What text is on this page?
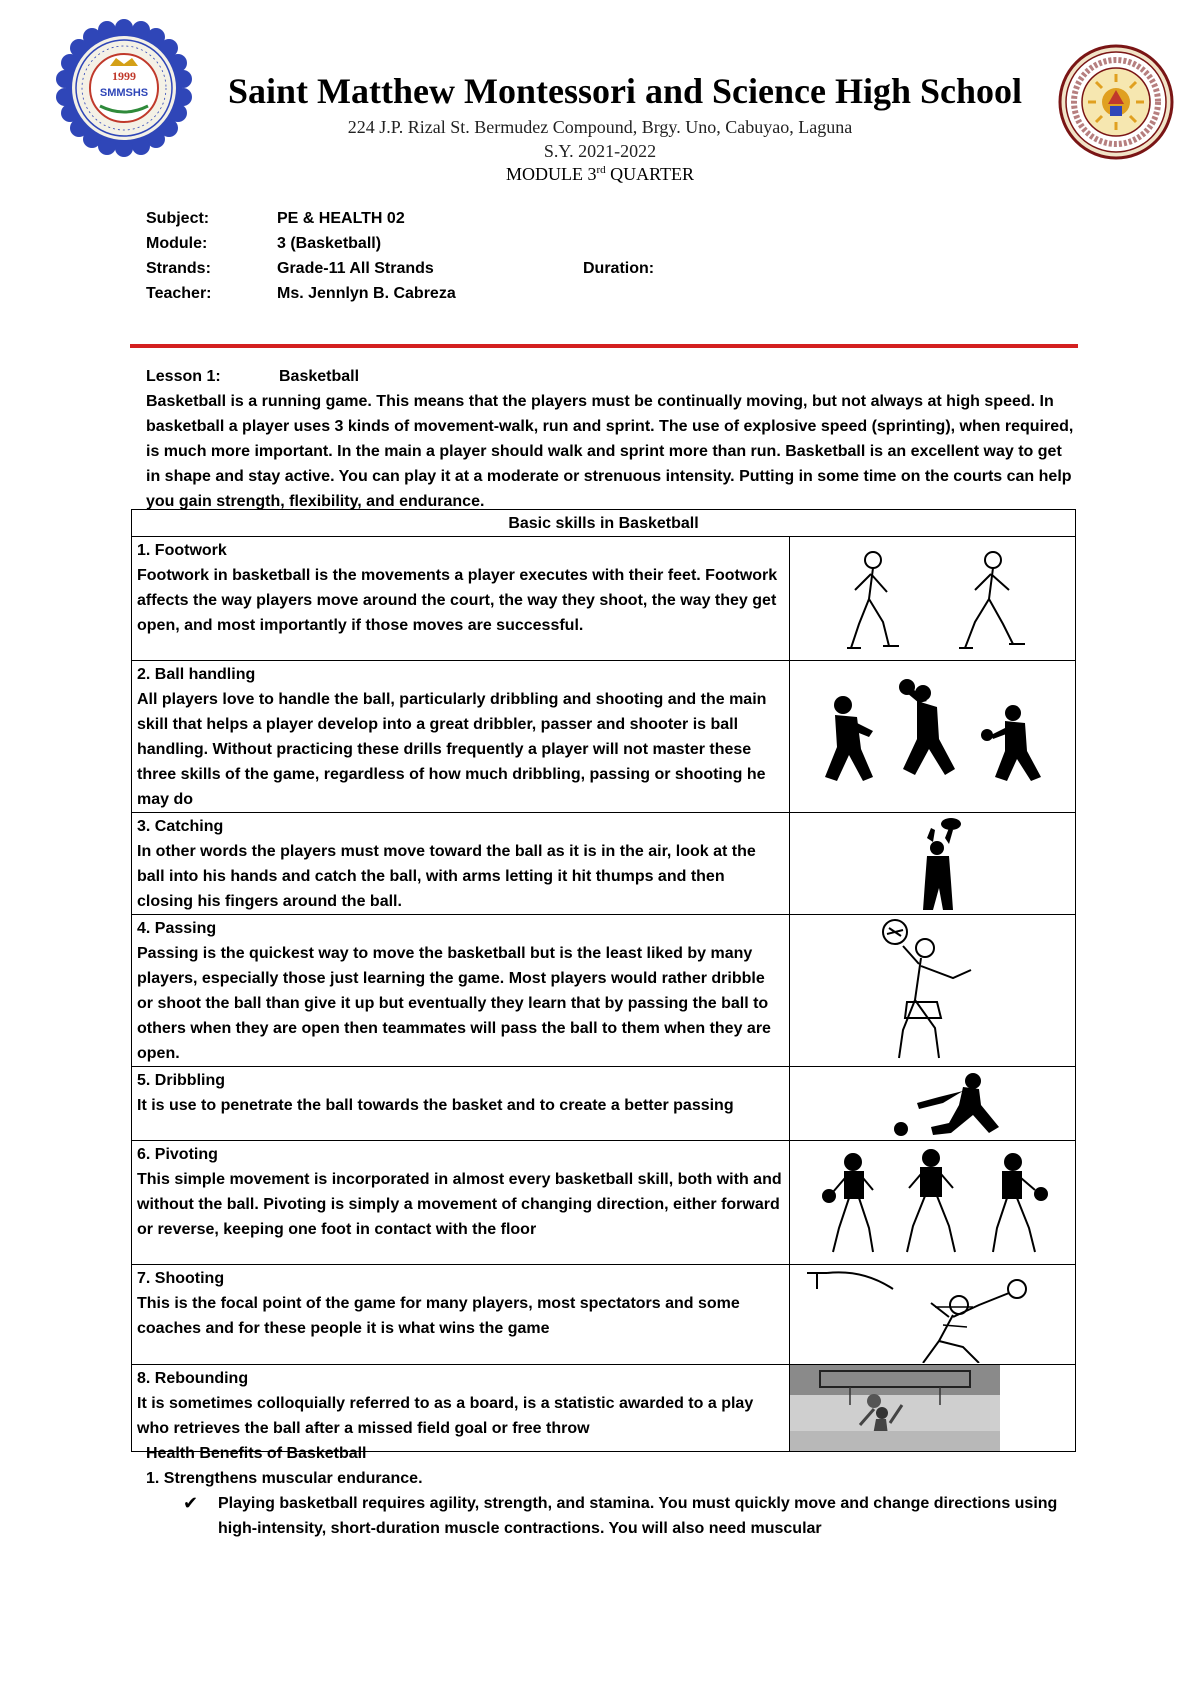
1999
SMMSHS	Saint Matthew Montessori and Science High School
224 J.P. Rizal St. Bermudez Compound, Brgy. Uno, Cabuyao, Laguna
S.Y. 2021-2022
MODULE 3rd QUARTER
Subject:	PE & HEALTH 02
Module:	3 (Basketball)
Strands:	Grade-11 All Strands	Duration:
Teacher:	Ms. Jennlyn B. Cabreza
Lesson 1:	Basketball
Basketball is a running game. This means that the players must be continually moving, but not always at high speed. In basketball a player uses 3 kinds of movement-walk, run and sprint. The use of explosive speed (sprinting), when required, is much more important. In the main a player should walk and sprint more than run. Basketball is an excellent way to get in shape and stay active. You can play it at a moderate or strenuous intensity. Putting in some time on the courts can help you gain strength, flexibility, and endurance.
Basic skills in Basketball	

1. Footwork
Footwork in basketball is the movements a player executes with their feet. Footwork affects the way players move around the court, the way they shoot, the way they get open, and most importantly if those moves are successful.

2. Ball handling
All players love to handle the ball, particularly dribbling and shooting and the main skill that helps a player develop into a great dribbler, passer and shooter is ball handling. Without practicing these drills frequently a player will not master these three skills of the game, regardless of how much dribbling, passing or shooting he may do

3. Catching
In other words the players must move toward the ball as it is in the air, look at the ball into his hands and catch the ball, with arms letting it hit thumps and then closing his fingers around the ball.

4. Passing
Passing is the quickest way to move the basketball but is the least liked by many players, especially those just learning the game. Most players would rather dribble or shoot the ball than give it up but eventually they learn that by passing the ball to others when they are open then teammates will pass the ball to them when they are open.

5. Dribbling
It is use to penetrate the ball towards the basket and to create a better passing

6. Pivoting
This simple movement is incorporated in almost every basketball skill, both with and without the ball. Pivoting is simply a movement of changing direction, either forward or reverse, keeping one foot in contact with the floor

7. Shooting
This is the focal point of the game for many players, most spectators and some coaches and for these people it is what wins the game

8. Rebounding
It is sometimes colloquially referred to as a board, is a statistic awarded to a play who retrieves the ball after a missed field goal or free throw

Health Benefits of Basketball
1. Strengthens muscular endurance.
✔ Playing basketball requires agility, strength, and stamina. You must quickly move and change directions using high-intensity, short-duration muscle contractions. You will also need muscular
